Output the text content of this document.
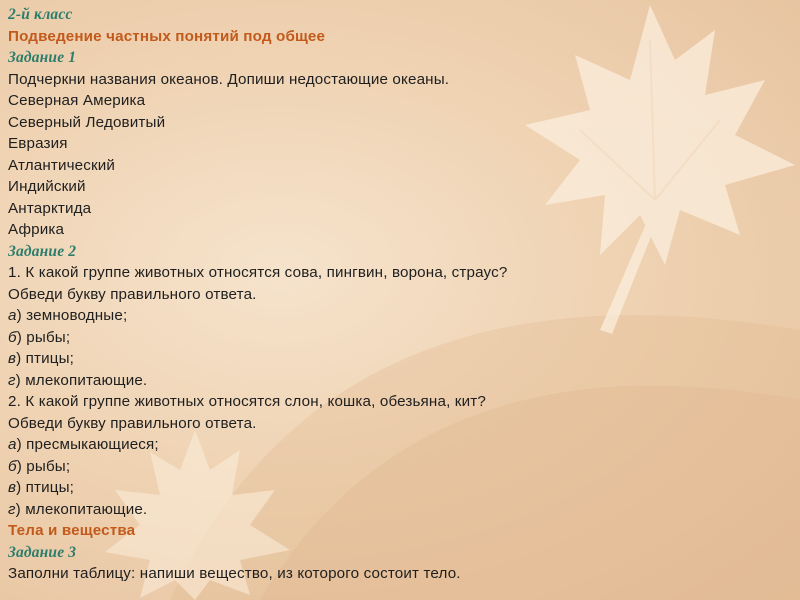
2-й класс
Подведение частных понятий под общее
Задание 1
Подчеркни названия океанов. Допиши недостающие океаны.
Северная Америка
Северный Ледовитый
Евразия
Атлантический
Индийский
Антарктида
Африка
Задание 2
1. К какой группе животных относятся сова, пингвин, ворона, страус?
Обведи букву правильного ответа.
а) земноводные;
б) рыбы;
в) птицы;
г) млекопитающие.
2. К какой группе животных относятся слон, кошка, обезьяна, кит?
Обведи букву правильного ответа.
а) пресмыкающиеся;
б) рыбы;
в) птицы;
г) млекопитающие.
Тела и вещества
Задание 3
Заполни таблицу: напиши вещество, из которого состоит тело.
